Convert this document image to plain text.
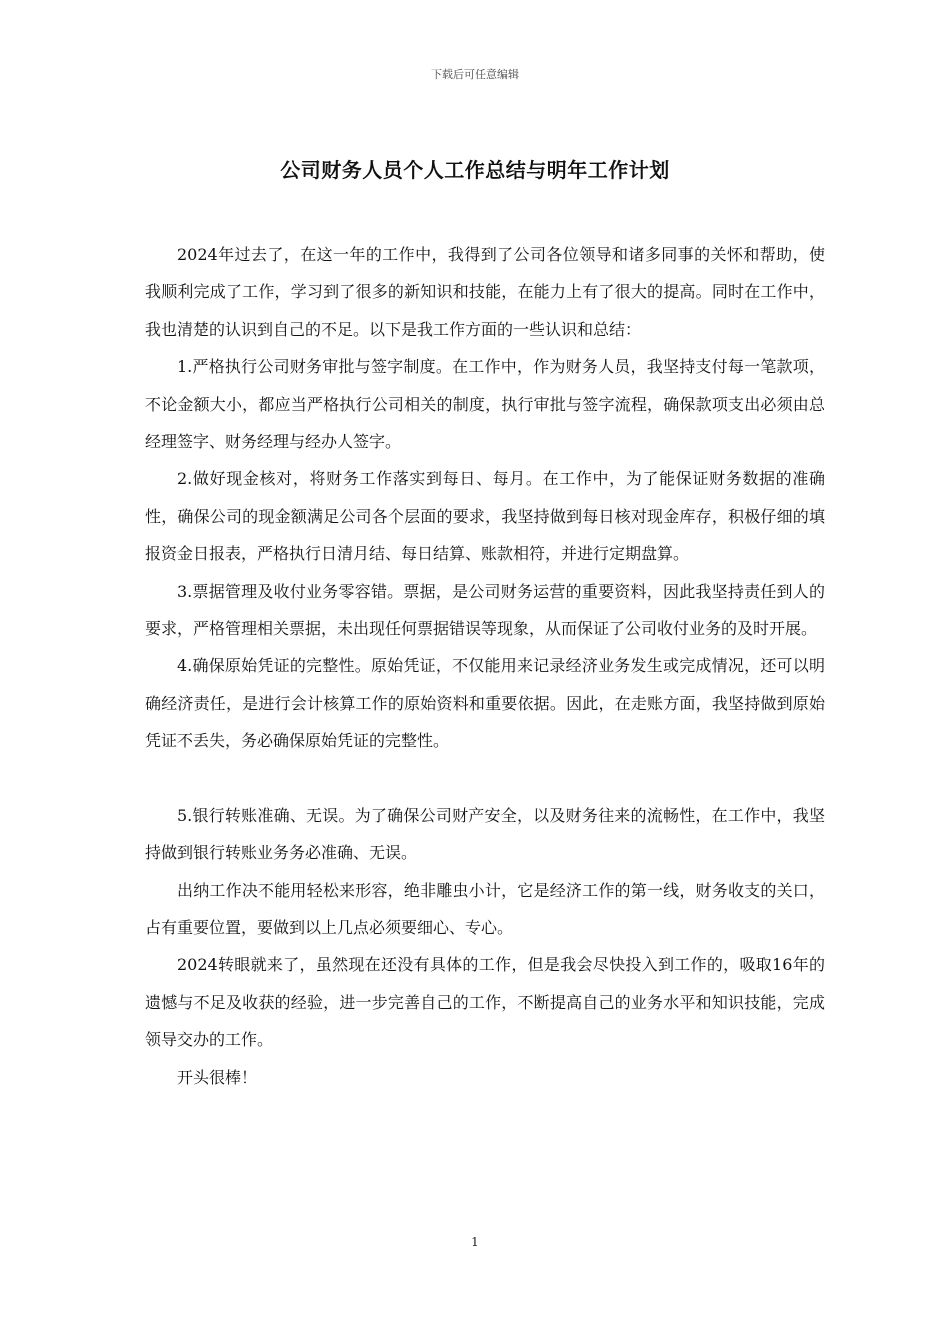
下载后可任意编辑
公司财务人员个人工作总结与明年工作计划

2024年过去了，在这一年的工作中，我得到了公司各位领导和诸多同事的关怀和帮助，使我顺利完成了工作，学习到了很多的新知识和技能，在能力上有了很大的提高。同时在工作中，我也清楚的认识到自己的不足。以下是我工作方面的一些认识和总结：

1.严格执行公司财务审批与签字制度。在工作中，作为财务人员，我坚持支付每一笔款项，不论金额大小，都应当严格执行公司相关的制度，执行审批与签字流程，确保款项支出必须由总经理签字、财务经理与经办人签字。

2.做好现金核对，将财务工作落实到每日、每月。在工作中，为了能保证财务数据的准确性，确保公司的现金额满足公司各个层面的要求，我坚持做到每日核对现金库存，积极仔细的填报资金日报表，严格执行日清月结、每日结算、账款相符，并进行定期盘算。

3.票据管理及收付业务零容错。票据，是公司财务运营的重要资料，因此我坚持责任到人的要求，严格管理相关票据，未出现任何票据错误等现象，从而保证了公司收付业务的及时开展。

4.确保原始凭证的完整性。原始凭证，不仅能用来记录经济业务发生或完成情况，还可以明确经济责任，是进行会计核算工作的原始资料和重要依据。因此，在走账方面，我坚持做到原始凭证不丢失，务必确保原始凭证的完整性。

5.银行转账准确、无误。为了确保公司财产安全，以及财务往来的流畅性，在工作中，我坚持做到银行转账业务务必准确、无误。

出纳工作决不能用轻松来形容，绝非雕虫小计，它是经济工作的第一线，财务收支的关口，占有重要位置，要做到以上几点必须要细心、专心。

2024转眼就来了，虽然现在还没有具体的工作，但是我会尽快投入到工作的，吸取16年的遗憾与不足及收获的经验，进一步完善自己的工作，不断提高自己的业务水平和知识技能，完成领导交办的工作。

开头很棒！

1
